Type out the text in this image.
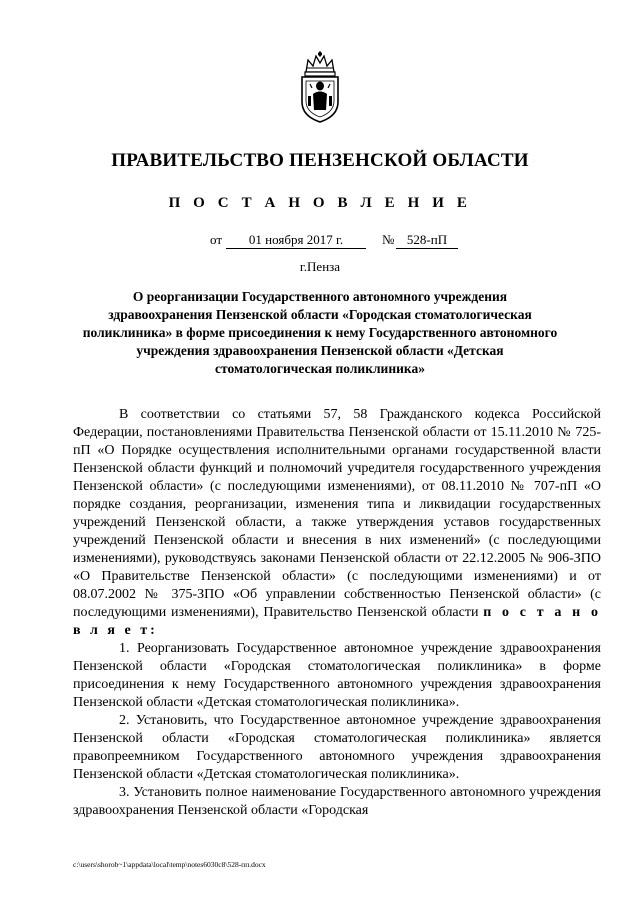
ПРАВИТЕЛЬСТВО ПЕНЗЕНСКОЙ ОБЛАСТИ
П О С Т А Н О В Л Е Н И Е
от	01 ноября 2017 г.	№ 528-пП
г.Пенза
О реорганизации Государственного автономного учреждения здравоохранения Пензенской области «Городская стоматологическая поликлиника» в форме присоединения к нему Государственного автономного учреждения здравоохранения Пензенской области «Детская стоматологическая поликлиника»

В соответствии со статьями 57, 58 Гражданского кодекса Российской Федерации, постановлениями Правительства Пензенской области от 15.11.2010 № 725-пП «О Порядке осуществления исполнительными органами государственной власти Пензенской области функций и полномочий учредителя государственного учреждения Пензенской области» (с последующими изменениями), от 08.11.2010 № 707-пП «О порядке создания, реорганизации, изменения типа и ликвидации государственных учреждений Пензенской области, а также утверждения уставов государственных учреждений Пензенской области и внесения в них изменений» (с последующими изменениями), руководствуясь законами Пензенской области от 22.12.2005 № 906-ЗПО «О Правительстве Пензенской области» (с последующими изменениями) и от 08.07.2002 № 375-ЗПО «Об управлении собственностью Пензенской области» (с последующими изменениями), Правительство Пензенской области п о с т а н о в л я е т:

1. Реорганизовать Государственное автономное учреждение здравоохранения Пензенской области «Городская стоматологическая поликлиника» в форме присоединения к нему Государственного автономного учреждения здравоохранения Пензенской области «Детская стоматологическая поликлиника».

2. Установить, что Государственное автономное учреждение здравоохранения Пензенской области «Городская стоматологическая поликлиника» является правопреемником Государственного автономного учреждения здравоохранения Пензенской области «Детская стоматологическая поликлиника».

3. Установить полное наименование Государственного автономного учреждения здравоохранения Пензенской области «Городская

c:\users\shorob~1\appdata\local\temp\notes6030c8\528-пп.docx
